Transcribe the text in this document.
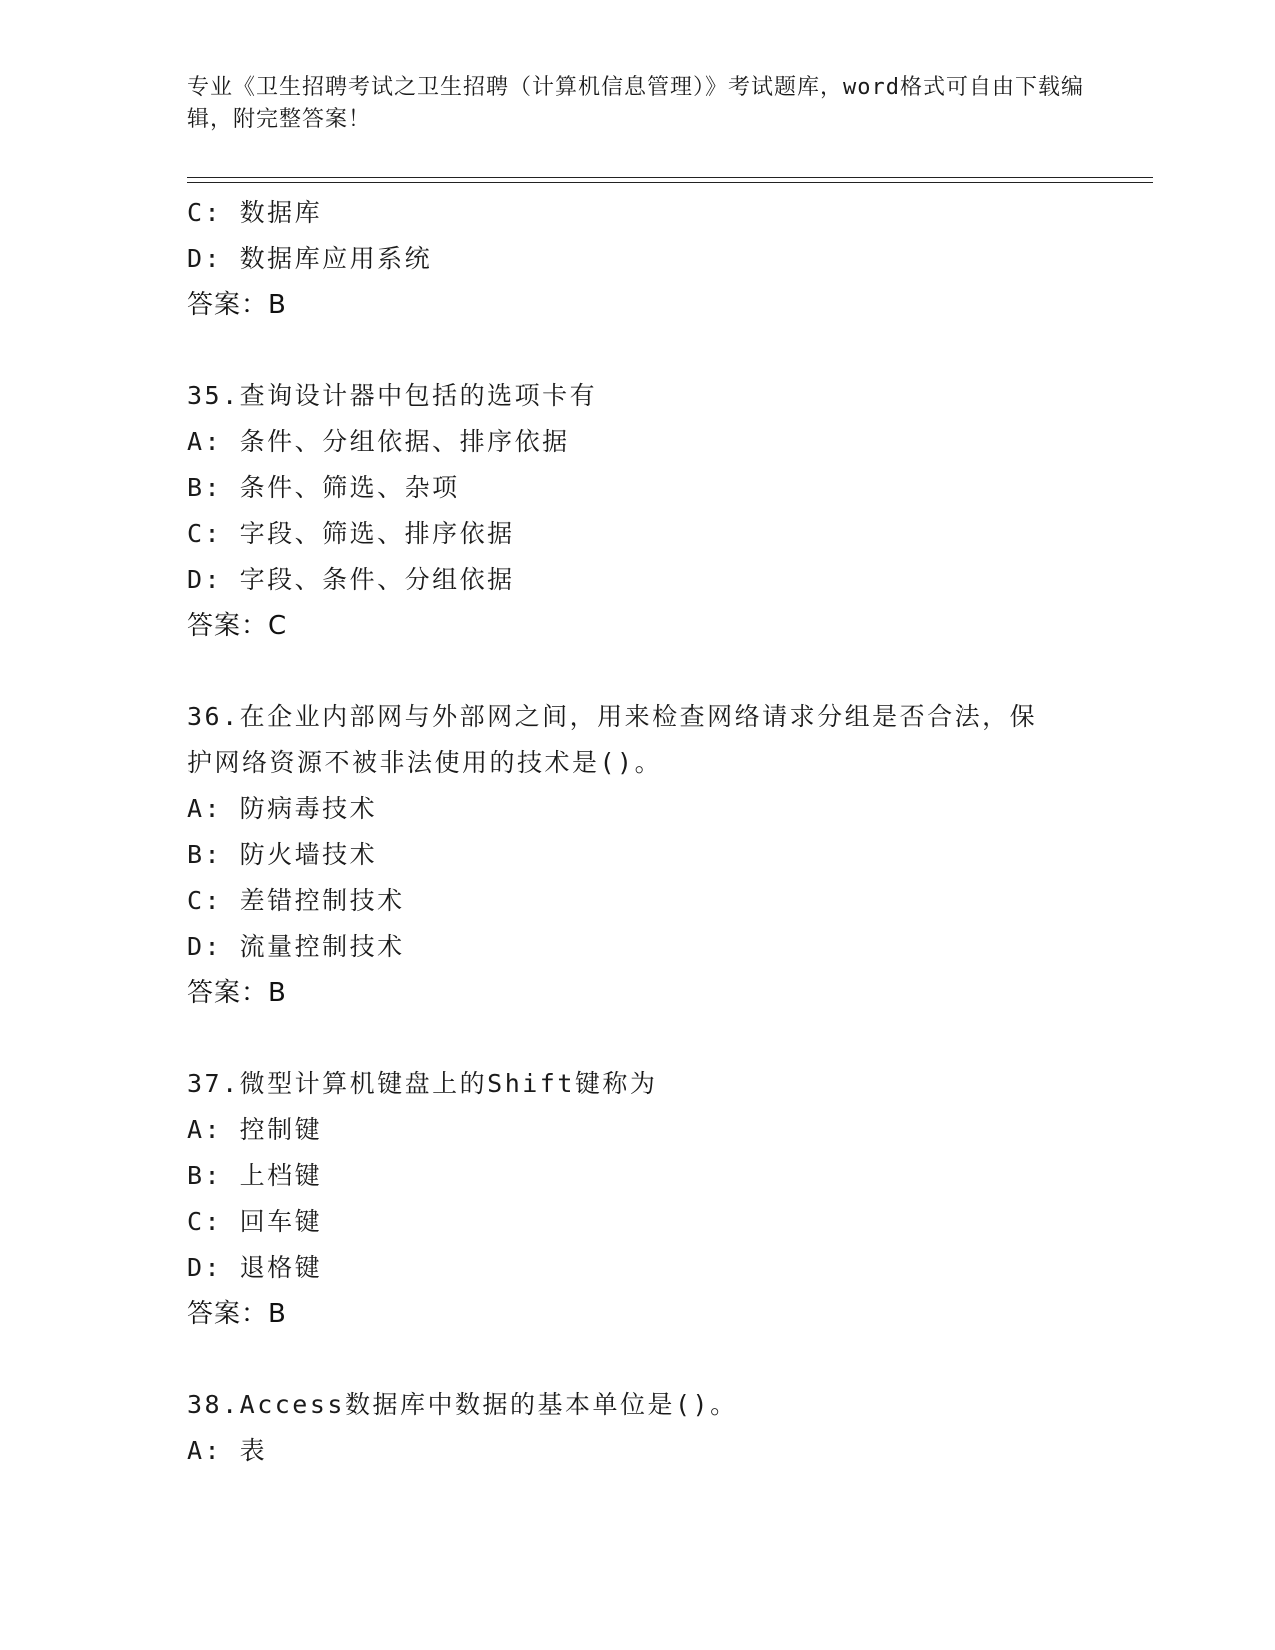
专业《卫生招聘考试之卫生招聘（计算机信息管理）》考试题库，word格式可自由下载编辑，附完整答案！
C: 数据库
D: 数据库应用系统
答案：B
35.查询设计器中包括的选项卡有
A: 条件、分组依据、排序依据
B: 条件、筛选、杂项
C: 字段、筛选、排序依据
D: 字段、条件、分组依据
答案：C
36.在企业内部网与外部网之间，用来检查网络请求分组是否合法，保护网络资源不被非法使用的技术是()。
A: 防病毒技术
B: 防火墙技术
C: 差错控制技术
D: 流量控制技术
答案：B
37.微型计算机键盘上的Shift键称为
A: 控制键
B: 上档键
C: 回车键
D: 退格键
答案：B
38.Access数据库中数据的基本单位是()。
A: 表
